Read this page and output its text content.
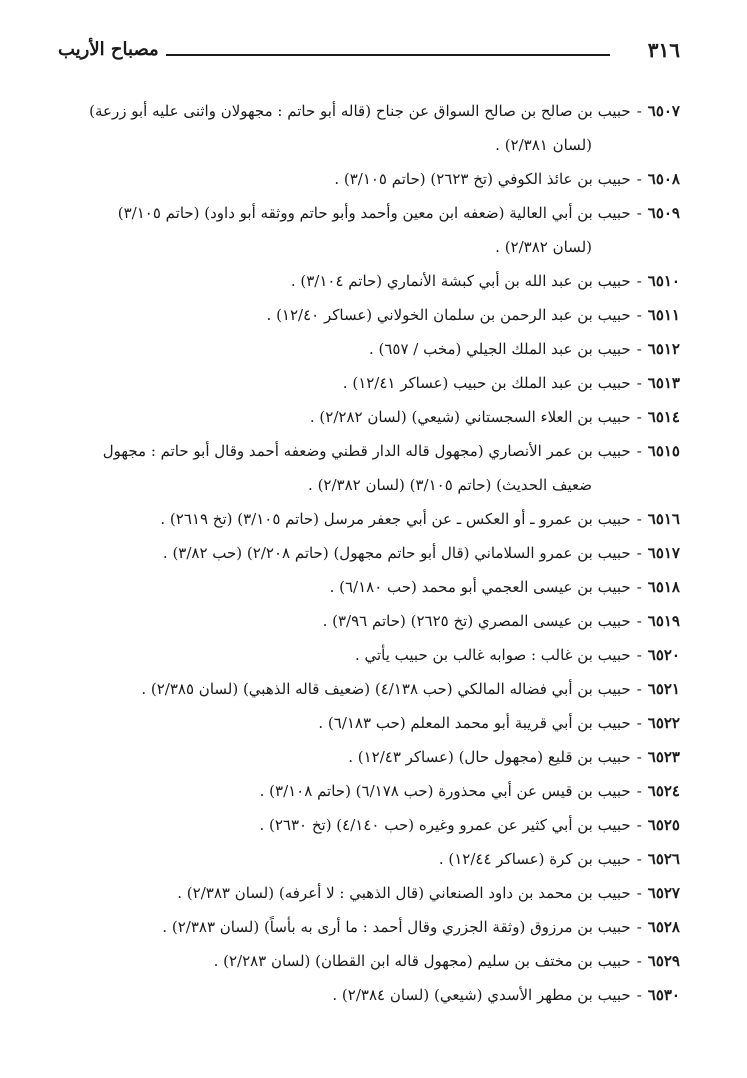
٣١٦
مصباح الأريب
٦٥٠٧-حبيب بن صالح بن صالح السواق عن جناح (قاله أبو حاتم : مجهولان واثنى عليه أبو زرعة)
(لسان ٢/٣٨١) .
٦٥٠٨-حبيب بن عائذ الكوفي (تخ ٢٦٢٣) (حاتم ٣/١٠٥) .
٦٥٠٩-حبيب بن أبي العالية (ضعفه ابن معين وأحمد وأبو حاتم ووثقه أبو داود) (حاتم ٣/١٠٥)
(لسان ٢/٣٨٢) .
٦٥١٠-حبيب بن عبد الله بن أبي كبشة الأنماري (حاتم ٣/١٠٤) .
٦٥١١-حبيب بن عبد الرحمن بن سلمان الخولاني (عساكر ١٢/٤٠) .
٦٥١٢-حبيب بن عبد الملك الجيلي (مخب / ٦٥٧) .
٦٥١٣-حبيب بن عبد الملك بن حبيب (عساكر ١٢/٤١) .
٦٥١٤-حبيب بن العلاء السجستاني (شيعي) (لسان ٢/٢٨٢) .
٦٥١٥-حبيب بن عمر الأنصاري (مجهول قاله الدار قطني وضعفه أحمد وقال أبو حاتم : مجهول
ضعيف الحديث) (حاتم ٣/١٠٥) (لسان ٢/٣٨٢) .
٦٥١٦-حبيب بن عمرو ـ أو العكس ـ عن أبي جعفر مرسل (حاتم ٣/١٠٥) (تخ ٢٦١٩) .
٦٥١٧-حبيب بن عمرو السلاماني (قال أبو حاتم مجهول) (حاتم ٢/٢٠٨) (حب ٣/٨٢) .
٦٥١٨-حبيب بن عيسى العجمي أبو محمد (حب ٦/١٨٠) .
٦٥١٩-حبيب بن عيسى المصري (تخ ٢٦٢٥) (حاتم ٣/٩٦) .
٦٥٢٠-حبيب بن غالب : صوابه غالب بن حبيب يأتي .
٦٥٢١-حبيب بن أبي فضاله المالكي (حب ٤/١٣٨) (ضعيف قاله الذهبي) (لسان ٢/٣٨٥) .
٦٥٢٢-حبيب بن أبي قريبة أبو محمد المعلم (حب ٦/١٨٣) .
٦٥٢٣-حبيب بن قليع (مجهول حال) (عساكر ١٢/٤٣) .
٦٥٢٤-حبيب بن قيس عن أبي محذورة (حب ٦/١٧٨) (حاتم ٣/١٠٨) .
٦٥٢٥-حبيب بن أبي كثير عن عمرو وغيره (حب ٤/١٤٠) (تخ ٢٦٣٠) .
٦٥٢٦-حبيب بن كرة (عساكر ١٢/٤٤) .
٦٥٢٧-حبيب بن محمد بن داود الصنعاني (قال الذهبي : لا أعرفه) (لسان ٢/٣٨٣) .
٦٥٢٨-حبيب بن مرزوق (وثقة الجزري وقال أحمد : ما أرى به بأساً) (لسان ٢/٣٨٣) .
٦٥٢٩-حبيب بن مختف بن سليم (مجهول قاله ابن القطان) (لسان ٢/٢٨٣) .
٦٥٣٠-حبيب بن مطهر الأسدي (شيعي) (لسان ٢/٣٨٤) .
